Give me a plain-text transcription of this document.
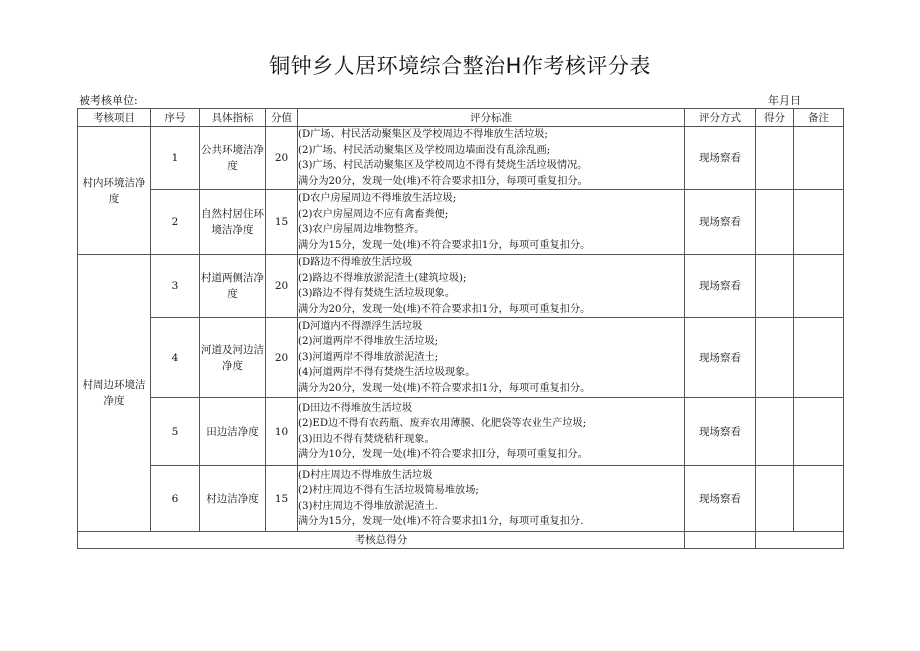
铜钟乡人居环境综合整治H作考核评分表
被考核单位:	年月日
考核项目	序号	具体指标	分值	评分标准	评分方式	得分	备注
村内环境洁净度	1	公共环境洁净度	20	(D广场、村民活动聚集区及学校周边不得堆放生活垃圾;
(2)广场、村民活动聚集区及学校周边墙面没有乱涂乱画;
(3)广场、村民活动聚集区及学校周边不得有焚烧生活垃圾情况。
满分为20分，发现一处(堆)不符合要求扣I分，每项可重复扣分。	现场察看		
	2	自然村居住环境洁净度	15	(D农户房屋周边不得堆放生活垃圾;
(2)农户房屋周边不应有禽畜粪便;
(3)农户房屋周边堆物整齐。
满分为15分，发现一处(堆)不符合要求扣1分，每项可重复扣分。	现场察看		
村周边环境洁净度	3	村道两侧洁净度	20	(D路边不得堆放生活垃圾
(2)路边不得堆放淤泥渣土(建筑垃圾);
(3)路边不得有焚烧生活垃圾现象。
满分为20分，发现一处(堆)不符合要求扣1分，每项可重复扣分。	现场察看		
	4	河道及河边洁净度	20	(D河道内不得漂浮生活垃圾
(2)河道两岸不得堆放生活垃圾;
(3)河道两岸不得堆放淤泥渣土;
(4)河道两岸不得有焚烧生活垃圾现象。
满分为20分，发现一处(堆)不符合要求扣1分，每项可重复扣分。	现场察看		
	5	田边洁净度	10	(D田边不得堆放生活垃圾
(2)ED边不得有农药瓶、废弃农用薄膜、化肥袋等农业生产垃圾;
(3)田边不得有焚烧秸秆现象。
满分为10分，发现一处(堆)不符合要求扣I分，每项可重复扣分。	现场察看		
	6	村边洁净度	15	(D村庄周边不得堆放生活垃圾
(2)村庄周边不得有生活垃圾简易堆放场;
(3)村庄周边不得堆放淤泥渣土.
满分为15分，发现一处(堆)不符合要求扣1分，每项可重复扣分.	现场察看		
考核总得分							
